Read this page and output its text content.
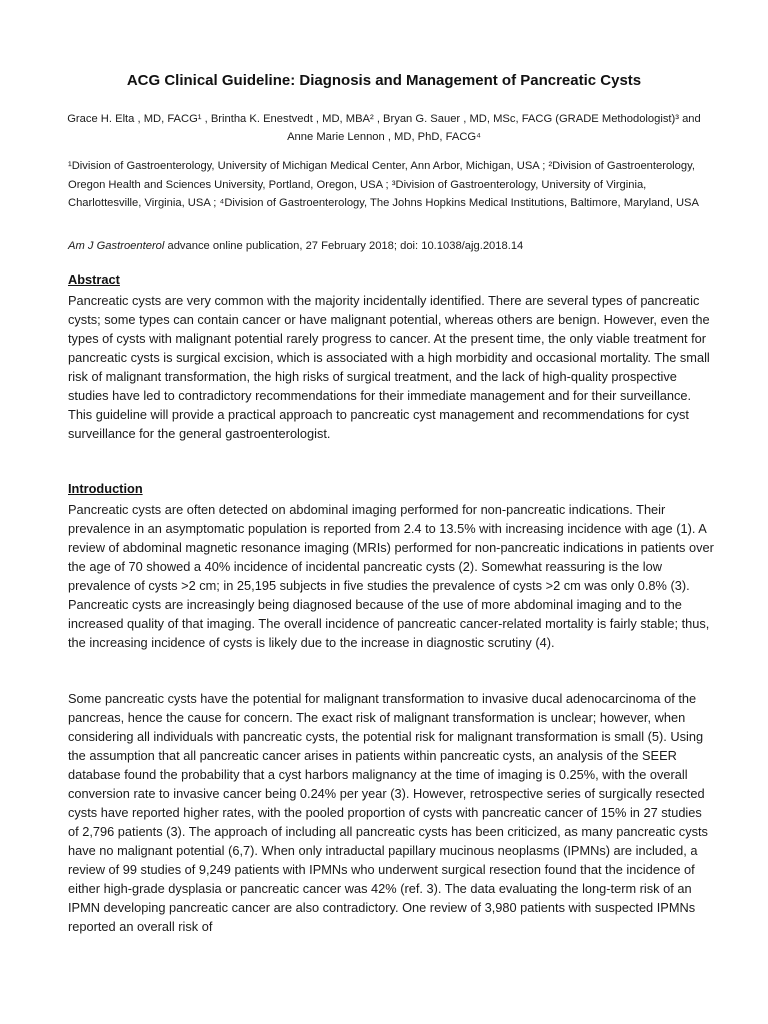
ACG Clinical Guideline: Diagnosis and Management of Pancreatic Cysts
Grace H. Elta , MD, FACG¹ , Brintha K. Enestvedt , MD, MBA² , Bryan G. Sauer , MD, MSc, FACG (GRADE Methodologist)³ and
Anne Marie Lennon , MD, PhD, FACG⁴
¹Division of Gastroenterology, University of Michigan Medical Center, Ann Arbor, Michigan, USA ; ²Division of Gastroenterology, Oregon Health and Sciences University, Portland, Oregon, USA ; ³Division of Gastroenterology, University of Virginia, Charlottesville, Virginia, USA ; ⁴Division of Gastroenterology, The Johns Hopkins Medical Institutions, Baltimore, Maryland, USA
Am J Gastroenterol advance online publication, 27 February 2018; doi: 10.1038/ajg.2018.14
Abstract
Pancreatic cysts are very common with the majority incidentally identified. There are several types of pancreatic cysts; some types can contain cancer or have malignant potential, whereas others are benign. However, even the types of cysts with malignant potential rarely progress to cancer. At the present time, the only viable treatment for pancreatic cysts is surgical excision, which is associated with a high morbidity and occasional mortality. The small risk of malignant transformation, the high risks of surgical treatment, and the lack of high-quality prospective studies have led to contradictory recommendations for their immediate management and for their surveillance. This guideline will provide a practical approach to pancreatic cyst management and recommendations for cyst surveillance for the general gastroenterologist.
Introduction
Pancreatic cysts are often detected on abdominal imaging performed for non-pancreatic indications. Their prevalence in an asymptomatic population is reported from 2.4 to 13.5% with increasing incidence with age (1). A review of abdominal magnetic resonance imaging (MRIs) performed for non-pancreatic indications in patients over the age of 70 showed a 40% incidence of incidental pancreatic cysts (2). Somewhat reassuring is the low prevalence of cysts >2 cm; in 25,195 subjects in five studies the prevalence of cysts >2 cm was only 0.8% (3). Pancreatic cysts are increasingly being diagnosed because of the use of more abdominal imaging and to the increased quality of that imaging. The overall incidence of pancreatic cancer-related mortality is fairly stable; thus, the increasing incidence of cysts is likely due to the increase in diagnostic scrutiny (4).
Some pancreatic cysts have the potential for malignant transformation to invasive ducal adenocarcinoma of the pancreas, hence the cause for concern. The exact risk of malignant transformation is unclear; however, when considering all individuals with pancreatic cysts, the potential risk for malignant transformation is small (5). Using the assumption that all pancreatic cancer arises in patients within pancreatic cysts, an analysis of the SEER database found the probability that a cyst harbors malignancy at the time of imaging is 0.25%, with the overall conversion rate to invasive cancer being 0.24% per year (3). However, retrospective series of surgically resected cysts have reported higher rates, with the pooled proportion of cysts with pancreatic cancer of 15% in 27 studies of 2,796 patients (3). The approach of including all pancreatic cysts has been criticized, as many pancreatic cysts have no malignant potential (6,7). When only intraductal papillary mucinous neoplasms (IPMNs) are included, a review of 99 studies of 9,249 patients with IPMNs who underwent surgical resection found that the incidence of either high-grade dysplasia or pancreatic cancer was 42% (ref. 3). The data evaluating the long-term risk of an IPMN developing pancreatic cancer are also contradictory. One review of 3,980 patients with suspected IPMNs reported an overall risk of
